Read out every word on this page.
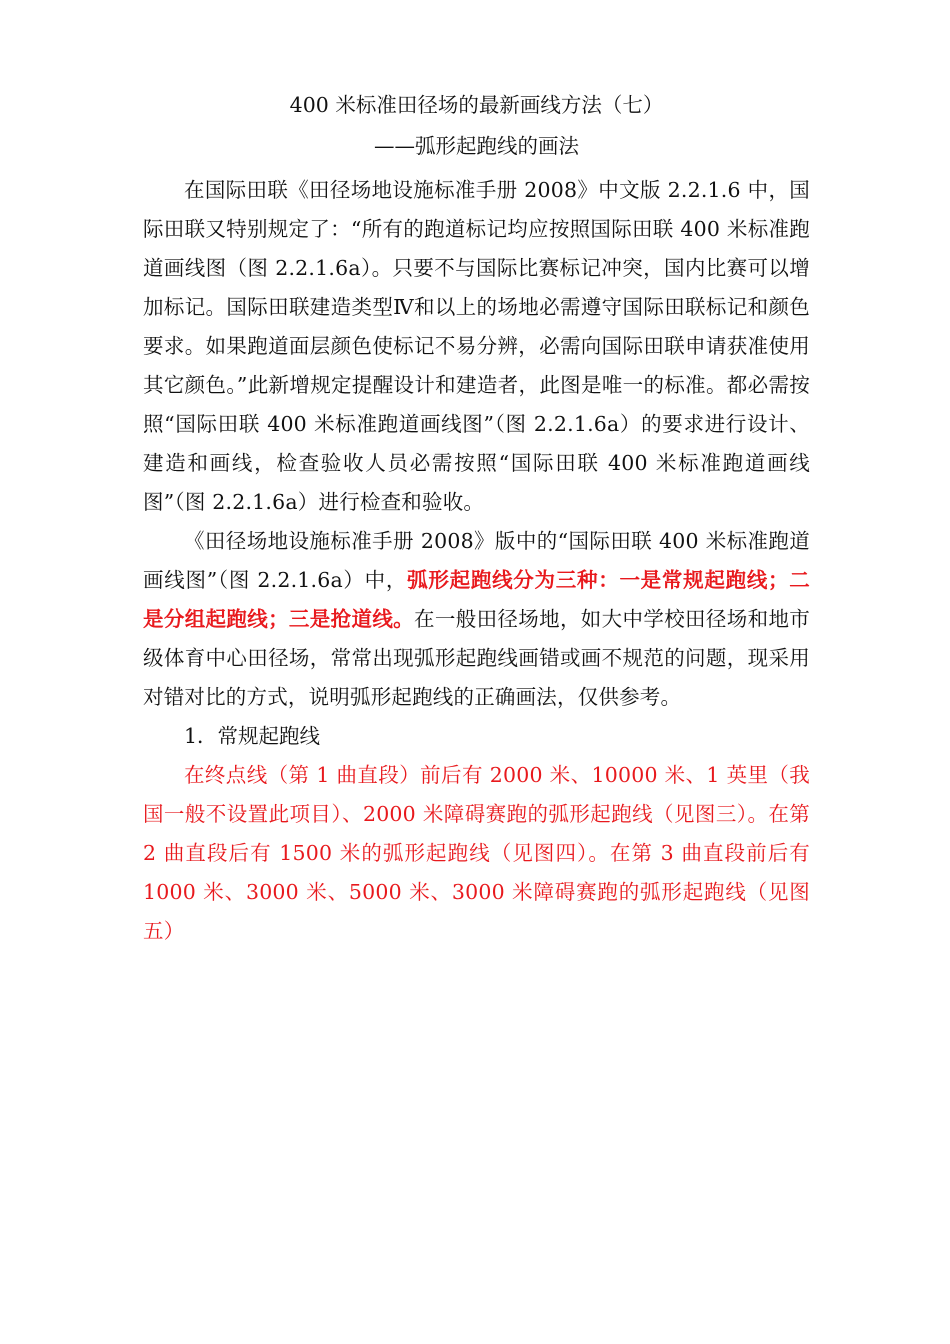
400 米标准田径场的最新画线方法（七）
——弧形起跑线的画法

在国际田联《田径场地设施标准手册 2008》中文版 2.2.1.6 中，国际田联又特别规定了：“所有的跑道标记均应按照国际田联 400 米标准跑道画线图（图 2.2.1.6a）。只要不与国际比赛标记冲突，国内比赛可以增加标记。国际田联建造类型Ⅳ和以上的场地必需遵守国际田联标记和颜色要求。如果跑道面层颜色使标记不易分辨，必需向国际田联申请获准使用其它颜色。”此新增规定提醒设计和建造者，此图是唯一的标准。都必需按照“国际田联 400 米标准跑道画线图”（图 2.2.1.6a）的要求进行设计、建造和画线，检查验收人员必需按照“国际田联 400 米标准跑道画线图”（图 2.2.1.6a）进行检查和验收。

《田径场地设施标准手册 2008》版中的“国际田联 400 米标准跑道画线图”（图 2.2.1.6a）中，弧形起跑线分为三种：一是常规起跑线；二是分组起跑线；三是抢道线。在一般田径场地，如大中学校田径场和地市级体育中心田径场，常常出现弧形起跑线画错或画不规范的问题，现采用对错对比的方式，说明弧形起跑线的正确画法，仅供参考。

1．常规起跑线

在终点线（第 1 曲直段）前后有 2000 米、10000 米、1 英里（我国一般不设置此项目）、2000 米障碍赛跑的弧形起跑线（见图三）。在第 2 曲直段后有 1500 米的弧形起跑线（见图四）。在第 3 曲直段前后有 1000 米、3000 米、5000 米、3000 米障碍赛跑的弧形起跑线（见图五）
